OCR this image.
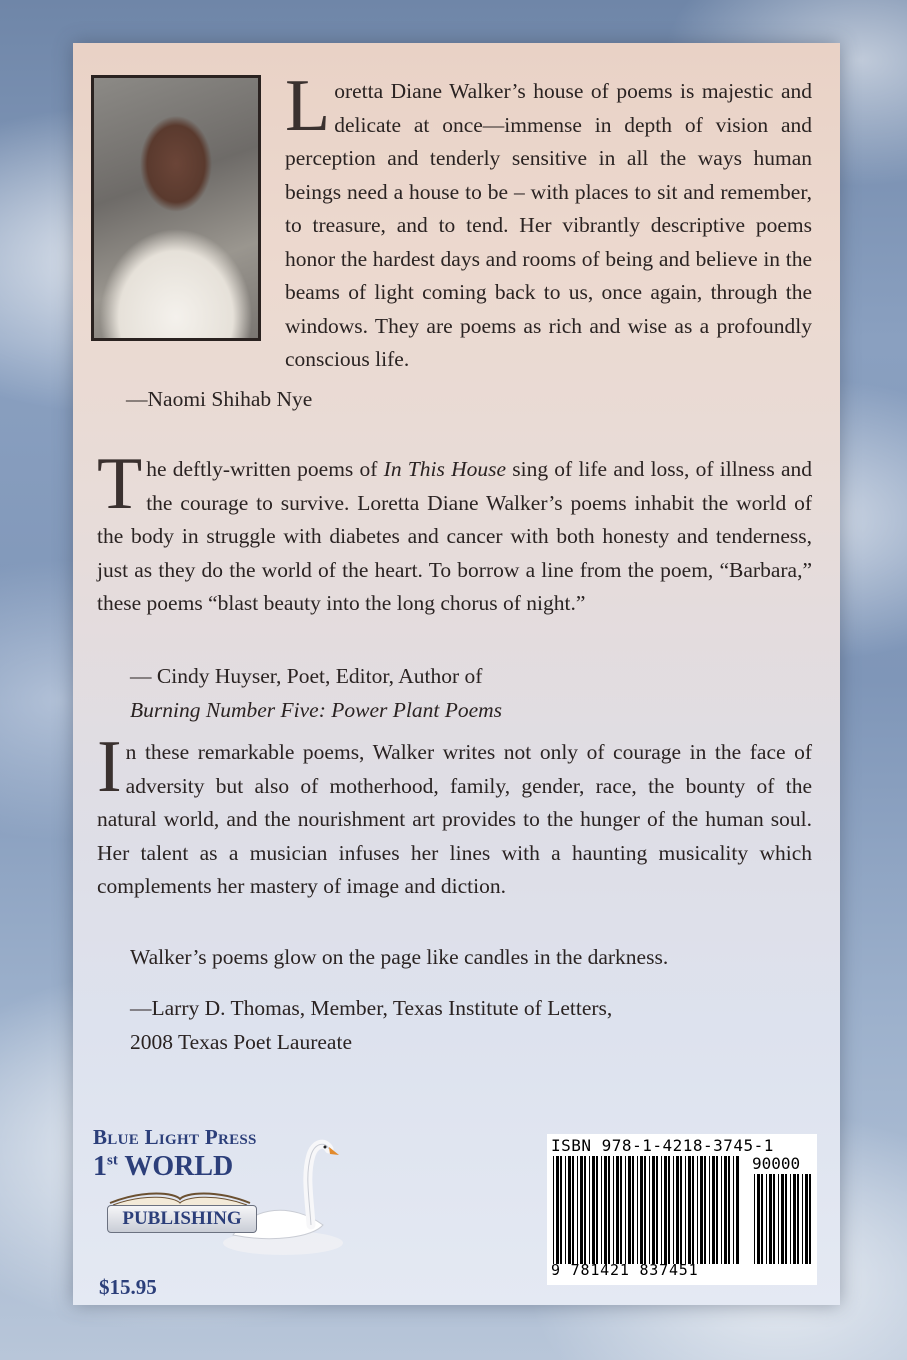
Loretta Diane Walker’s house of poems is majestic and delicate at once—immense in depth of vision and perception and tenderly sensitive in all the ways human beings need a house to be – with places to sit and remember, to treasure, and to tend. Her vibrantly descriptive poems honor the hardest days and rooms of being and believe in the beams of light coming back to us, once again, through the windows. They are poems as rich and wise as a profoundly conscious life.
—Naomi Shihab Nye
The deftly-written poems of In This House sing of life and loss, of illness and the courage to survive. Loretta Diane Walker’s poems inhabit the world of the body in struggle with diabetes and cancer with both honesty and tenderness, just as they do the world of the heart. To borrow a line from the poem, “Barbara,” these poems “blast beauty into the long chorus of night.”
— Cindy Huyser, Poet, Editor, Author of
Burning Number Five: Power Plant Poems
In these remarkable poems, Walker writes not only of courage in the face of adversity but also of motherhood, family, gender, race, the bounty of the natural world, and the nourishment art provides to the hunger of the human soul. Her talent as a musician infuses her lines with a haunting musicality which complements her mastery of image and diction.
Walker’s poems glow on the page like candles in the darkness.
—Larry D. Thomas, Member, Texas Institute of Letters,
2008 Texas Poet Laureate
Blue Light Press
1st WORLD
PUBLISHING
$15.95
ISBN 978-1-4218-3745-1
90000
9 781421 837451
